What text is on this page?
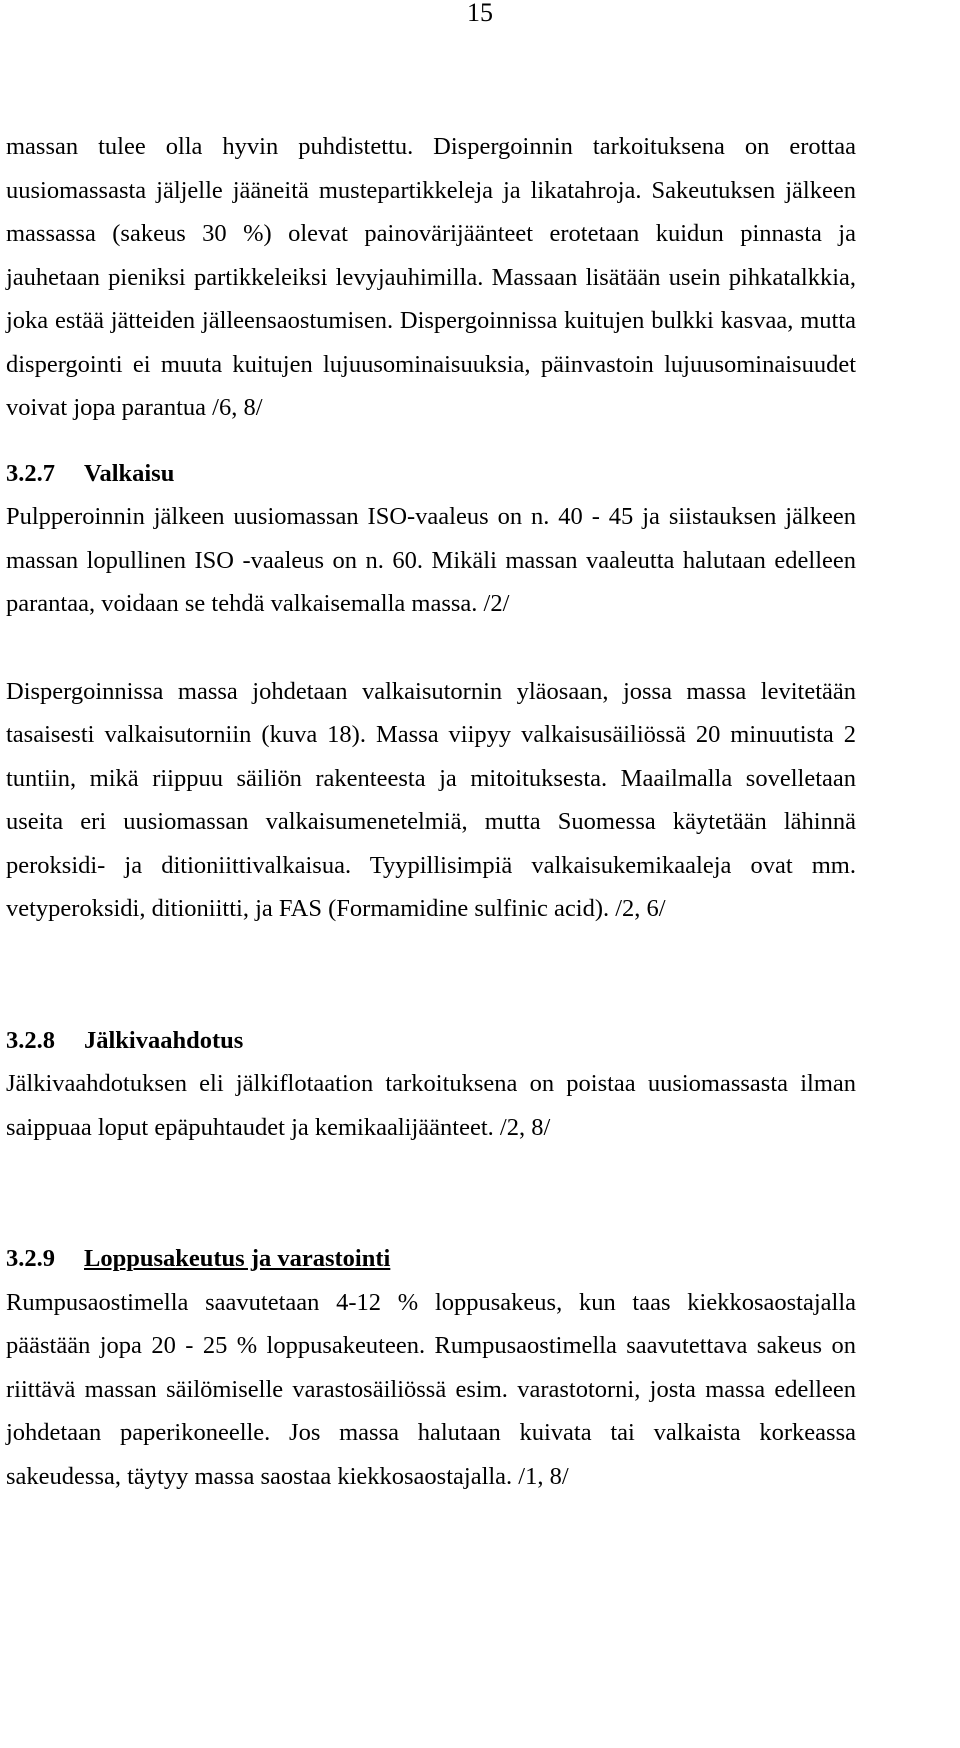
15

massan tulee olla hyvin puhdistettu. Dispergoinnin tarkoituksena on erottaa uusiomassasta jäljelle jääneitä mustepartikkeleja ja likatahroja. Sakeutuksen jälkeen massassa (sakeus 30 %) olevat painovärijäänteet erotetaan kuidun pinnasta ja jauhetaan pieniksi partikkeleiksi levyjauhimilla. Massaan lisätään usein pihkatalkkia, joka estää jätteiden jälleensaostumisen. Dispergoinnissa kuitujen bulkki kasvaa, mutta dispergointi ei muuta kuitujen lujuusominaisuuksia, päinvastoin lujuusominaisuudet voivat jopa parantua /6, 8/

3.2.7	Valkaisu

Pulpperoinnin jälkeen uusiomassan ISO-vaaleus on n. 40 - 45 ja siistauksen jälkeen massan lopullinen ISO -vaaleus on n. 60. Mikäli massan vaaleutta halutaan edelleen parantaa, voidaan se tehdä valkaisemalla massa. /2/

Dispergoinnissa massa johdetaan valkaisutornin yläosaan, jossa massa levitetään tasaisesti valkaisutorniin (kuva 18). Massa viipyy valkaisusäiliössä 20 minuutista 2 tuntiin, mikä riippuu säiliön rakenteesta ja mitoituksesta. Maailmalla sovelletaan useita eri uusiomassan valkaisumenetelmiä, mutta Suomessa käytetään lähinnä peroksidi- ja ditioniittivalkaisua. Tyypillisimpiä valkaisukemikaaleja ovat mm. vetyperoksidi, ditioniitti, ja FAS (Formamidine sulfinic acid). /2, 6/

3.2.8	Jälkivaahdotus

Jälkivaahdotuksen eli jälkiflotaation tarkoituksena on poistaa uusiomassasta ilman saippuaa loput epäpuhtaudet ja kemikaalijäänteet. /2, 8/

3.2.9	Loppusakeutus ja varastointi

Rumpusaostimella saavutetaan 4-12 % loppusakeus, kun taas kiekkosaostajalla päästään jopa 20 - 25 % loppusakeuteen. Rumpusaostimella saavutettava sakeus on riittävä massan säilömiselle varastosäiliössä esim. varastotorni, josta massa edelleen johdetaan paperikoneelle. Jos massa halutaan kuivata tai valkaista korkeassa sakeudessa, täytyy massa saostaa kiekkosaostajalla. /1, 8/
